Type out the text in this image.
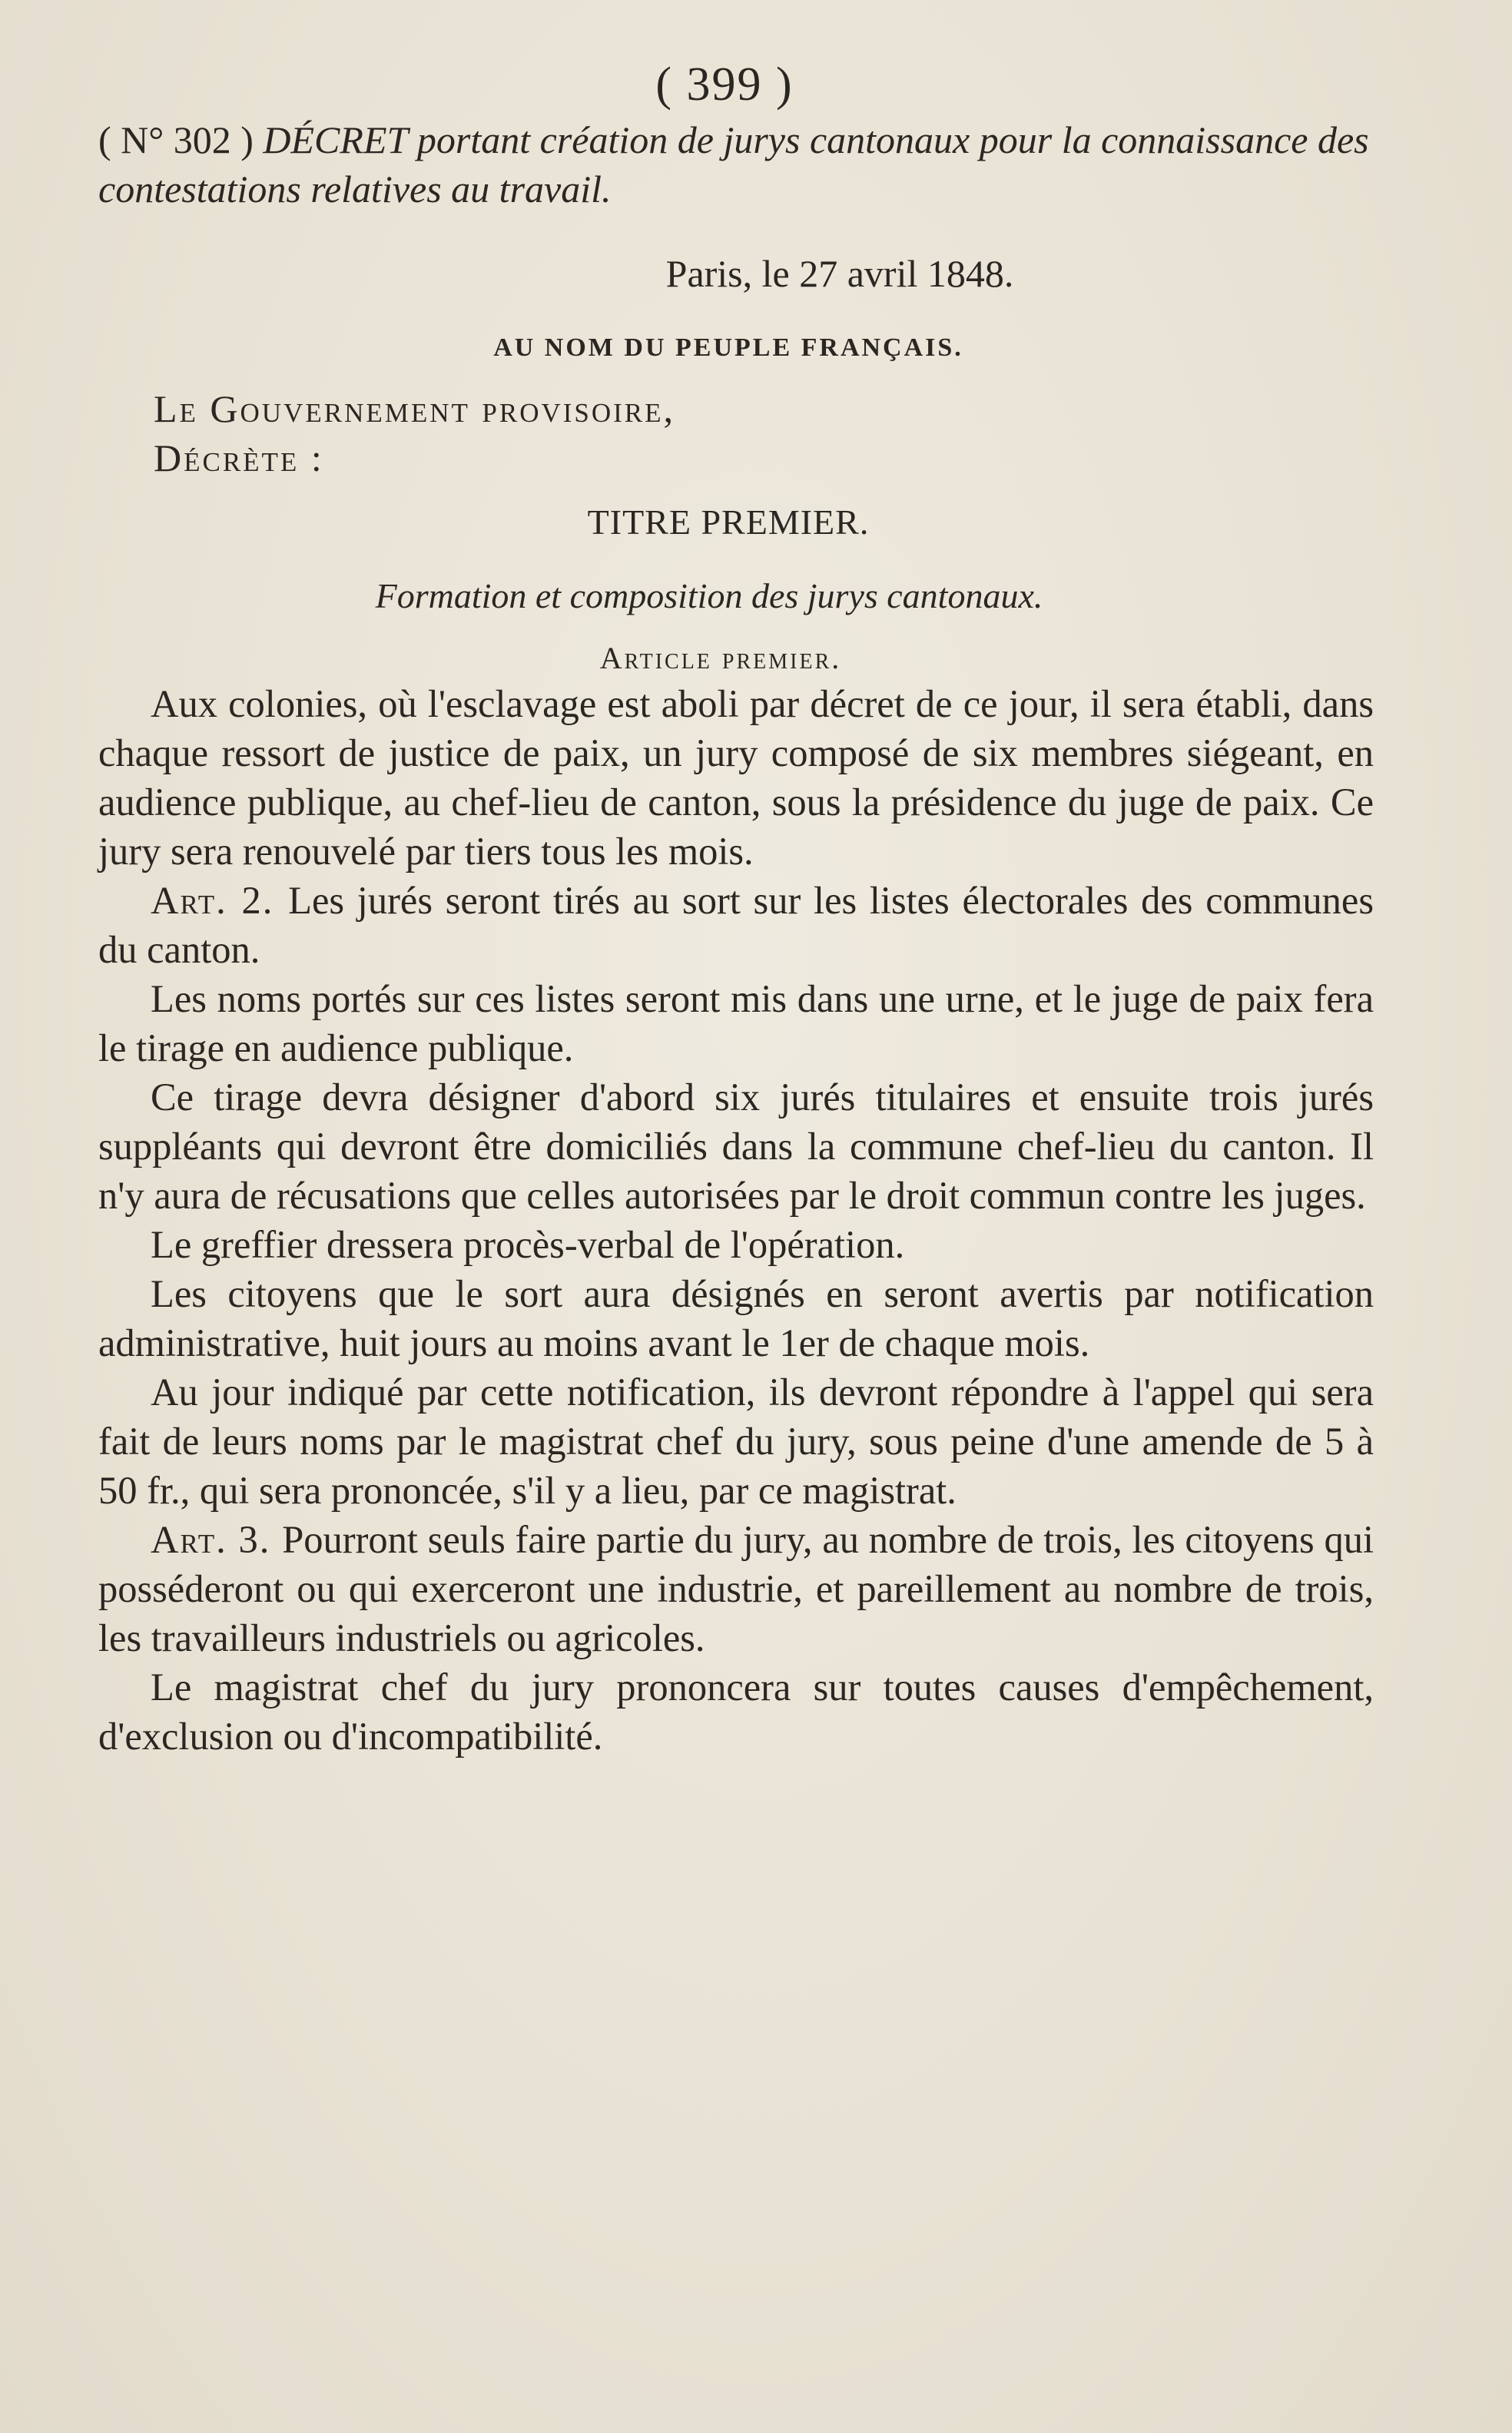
( 399 )
( N° 302 ) DÉCRET portant création de jurys cantonaux pour la connaissance des contestations relatives au travail.
Paris, le 27 avril 1848.
AU NOM DU PEUPLE FRANÇAIS.
Le Gouvernement provisoire,
Décrète :
TITRE PREMIER.
Formation et composition des jurys cantonaux.
Article premier.

Aux colonies, où l'esclavage est aboli par décret de ce jour, il sera établi, dans chaque ressort de justice de paix, un jury composé de six membres siégeant, en audience publique, au chef-lieu de canton, sous la présidence du juge de paix. Ce jury sera renouvelé par tiers tous les mois.

Art. 2. Les jurés seront tirés au sort sur les listes électorales des communes du canton.

Les noms portés sur ces listes seront mis dans une urne, et le juge de paix fera le tirage en audience publique.

Ce tirage devra désigner d'abord six jurés titulaires et ensuite trois jurés suppléants qui devront être domiciliés dans la commune chef-lieu du canton. Il n'y aura de récusations que celles autorisées par le droit commun contre les juges.

Le greffier dressera procès-verbal de l'opération.

Les citoyens que le sort aura désignés en seront avertis par notification administrative, huit jours au moins avant le 1er de chaque mois.

Au jour indiqué par cette notification, ils devront répondre à l'appel qui sera fait de leurs noms par le magistrat chef du jury, sous peine d'une amende de 5 à 50 fr., qui sera prononcée, s'il y a lieu, par ce magistrat.

Art. 3. Pourront seuls faire partie du jury, au nombre de trois, les citoyens qui posséderont ou qui exerceront une industrie, et pareillement au nombre de trois, les travailleurs industriels ou agricoles.

Le magistrat chef du jury prononcera sur toutes causes d'empêchement, d'exclusion ou d'incompatibilité.
